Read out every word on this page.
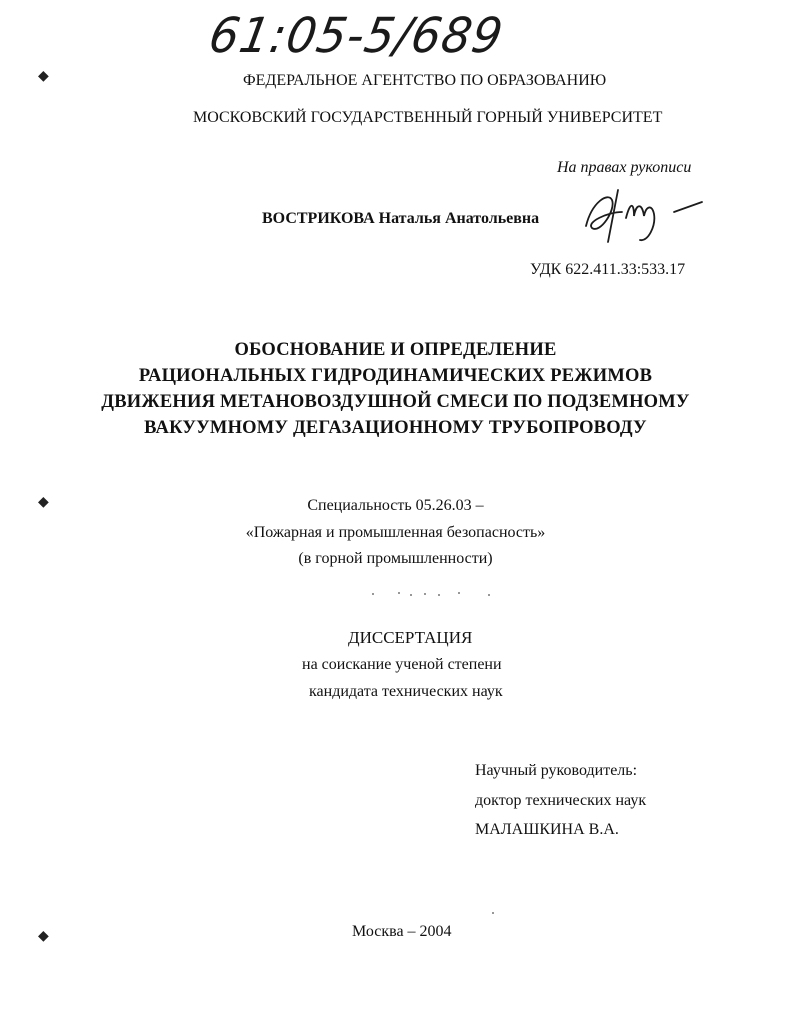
61:05-5/689
◆
◆
◆
ФЕДЕРАЛЬНОЕ АГЕНТСТВО ПО ОБРАЗОВАНИЮ
МОСКОВСКИЙ ГОСУДАРСТВЕННЫЙ ГОРНЫЙ УНИВЕРСИТЕТ
На правах рукописи
ВОСТРИКОВА Наталья Анатольевна
УДК 622.411.33:533.17
ОБОСНОВАНИЕ И ОПРЕДЕЛЕНИЕ
РАЦИОНАЛЬНЫХ ГИДРОДИНАМИЧЕСКИХ РЕЖИМОВ
ДВИЖЕНИЯ МЕТАНОВОЗДУШНОЙ СМЕСИ ПО ПОДЗЕМНОМУ
ВАКУУМНОМУ ДЕГАЗАЦИОННОМУ ТРУБОПРОВОДУ
Специальность 05.26.03 –
«Пожарная и промышленная безопасность»
(в горной промышленности)
ДИССЕРТАЦИЯ
на соискание ученой степени
кандидата технических наук
Научный руководитель:
доктор технических наук
МАЛАШКИНА В.А.
Москва – 2004
